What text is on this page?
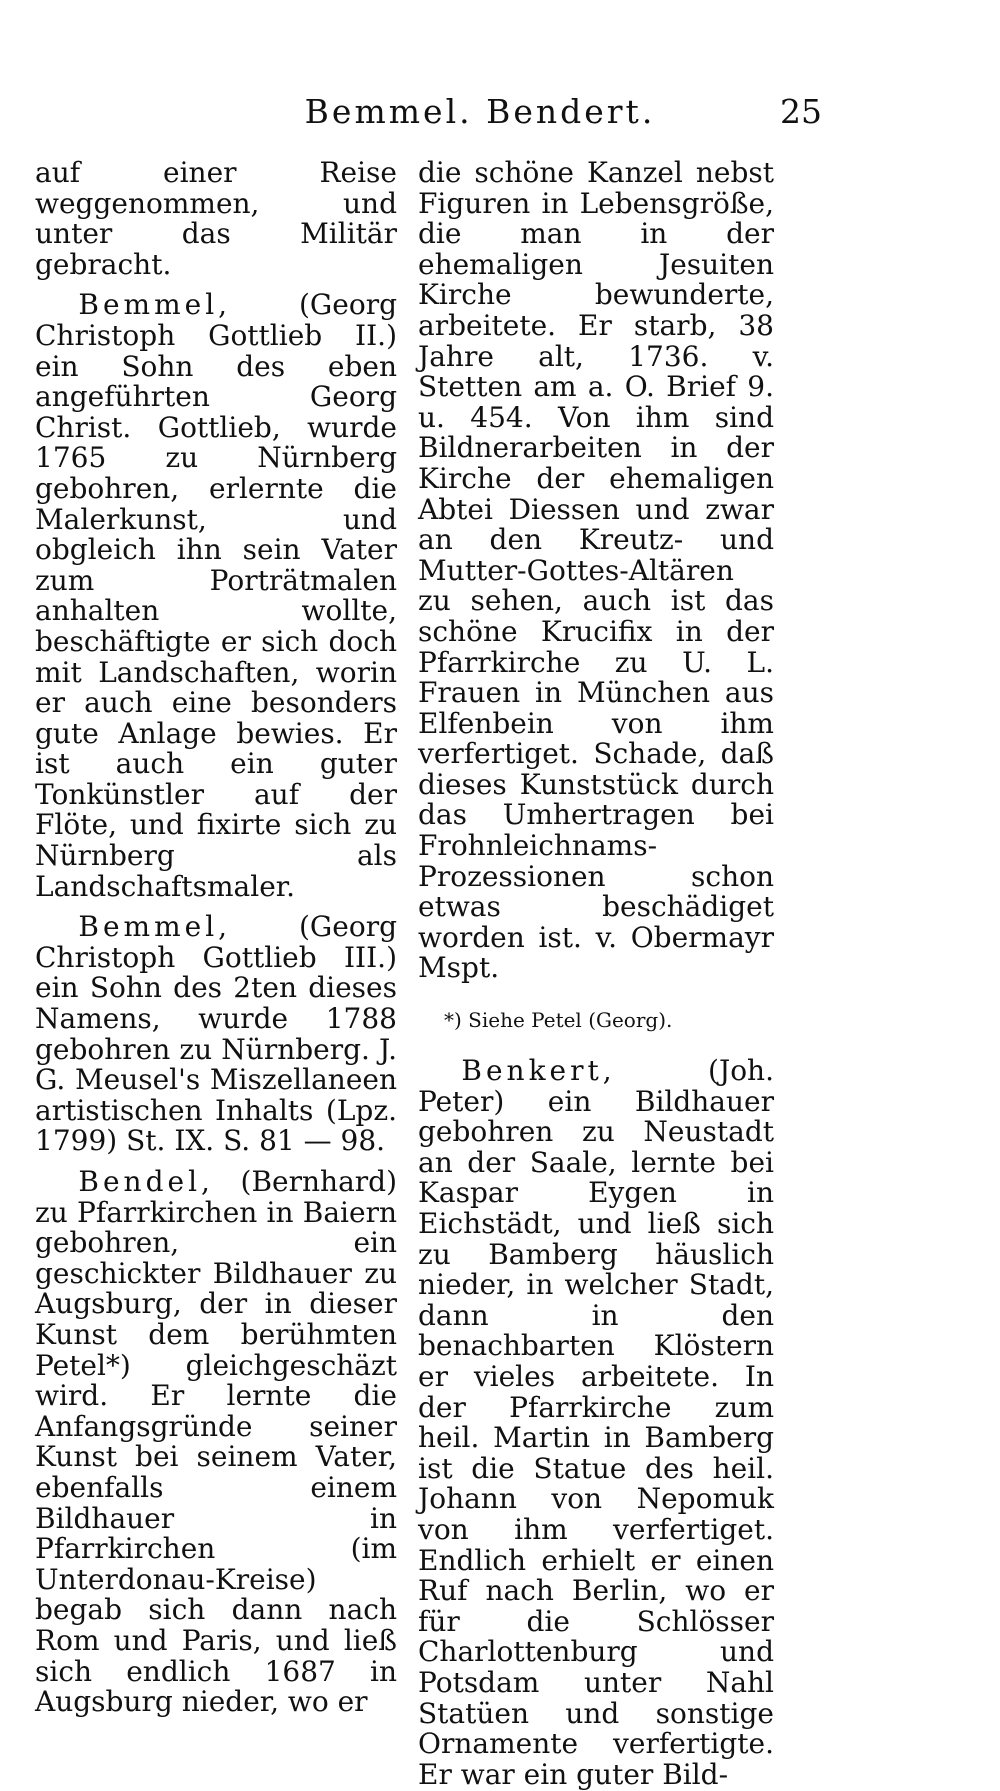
Bemmel. Bendert.	25

auf einer Reise weggenommen, und unter das Militär gebracht.

Bemmel, (Georg Christoph Gottlieb II.) ein Sohn des eben angeführten Georg Christ. Gottlieb, wurde 1765 zu Nürnberg gebohren, erlernte die Malerkunst, und obgleich ihn sein Vater zum Porträtmalen anhalten wollte, beschäftigte er sich doch mit Landschaften, worin er auch eine besonders gute Anlage bewies. Er ist auch ein guter Tonkünstler auf der Flöte, und fixirte sich zu Nürnberg als Landschaftsmaler.

Bemmel, (Georg Christoph Gottlieb III.) ein Sohn des 2ten dieses Namens, wurde 1788 gebohren zu Nürnberg. J. G. Meusel's Miszellaneen artistischen Inhalts (Lpz. 1799) St. IX. S. 81 — 98.

Bendel, (Bernhard) zu Pfarrkirchen in Baiern gebohren, ein geschickter Bildhauer zu Augsburg, der in dieser Kunst dem berühmten Petel*) gleichgeschäzt wird. Er lernte die Anfangsgründe seiner Kunst bei seinem Vater, ebenfalls einem Bildhauer in Pfarrkirchen (im Unterdonau-Kreise) begab sich dann nach Rom und Paris, und ließ sich endlich 1687 in Augsburg nieder, wo er

die schöne Kanzel nebst Figuren in Lebensgröße, die man in der ehemaligen Jesuiten Kirche bewunderte, arbeitete. Er starb, 38 Jahre alt, 1736. v. Stetten am a. O. Brief 9. u. 454. Von ihm sind Bildnerarbeiten in der Kirche der ehemaligen Abtei Diessen und zwar an den Kreutz- und Mutter-Gottes-Altären zu sehen, auch ist das schöne Krucifix in der Pfarrkirche zu U. L. Frauen in München aus Elfenbein von ihm verfertiget. Schade, daß dieses Kunststück durch das Umhertragen bei Frohnleichnams-Prozessionen schon etwas beschädiget worden ist. v. Obermayr Mspt.

*) Siehe Petel (Georg).

Benkert,	(Joh. Peter) ein Bildhauer gebohren zu Neustadt an der Saale, lernte bei Kaspar Eygen in Eichstädt, und ließ sich zu Bamberg häuslich nieder, in welcher Stadt, dann in den benachbarten Klöstern er vieles arbeitete. In der Pfarrkirche zum heil. Martin in Bamberg ist die Statue des heil. Johann von Nepomuk von ihm verfertiget. Endlich erhielt er einen Ruf nach Berlin, wo er für die Schlösser Charlottenburg und Potsdam unter Nahl Statüen und sonstige Ornamente verfertigte. Er war ein guter Bild-
